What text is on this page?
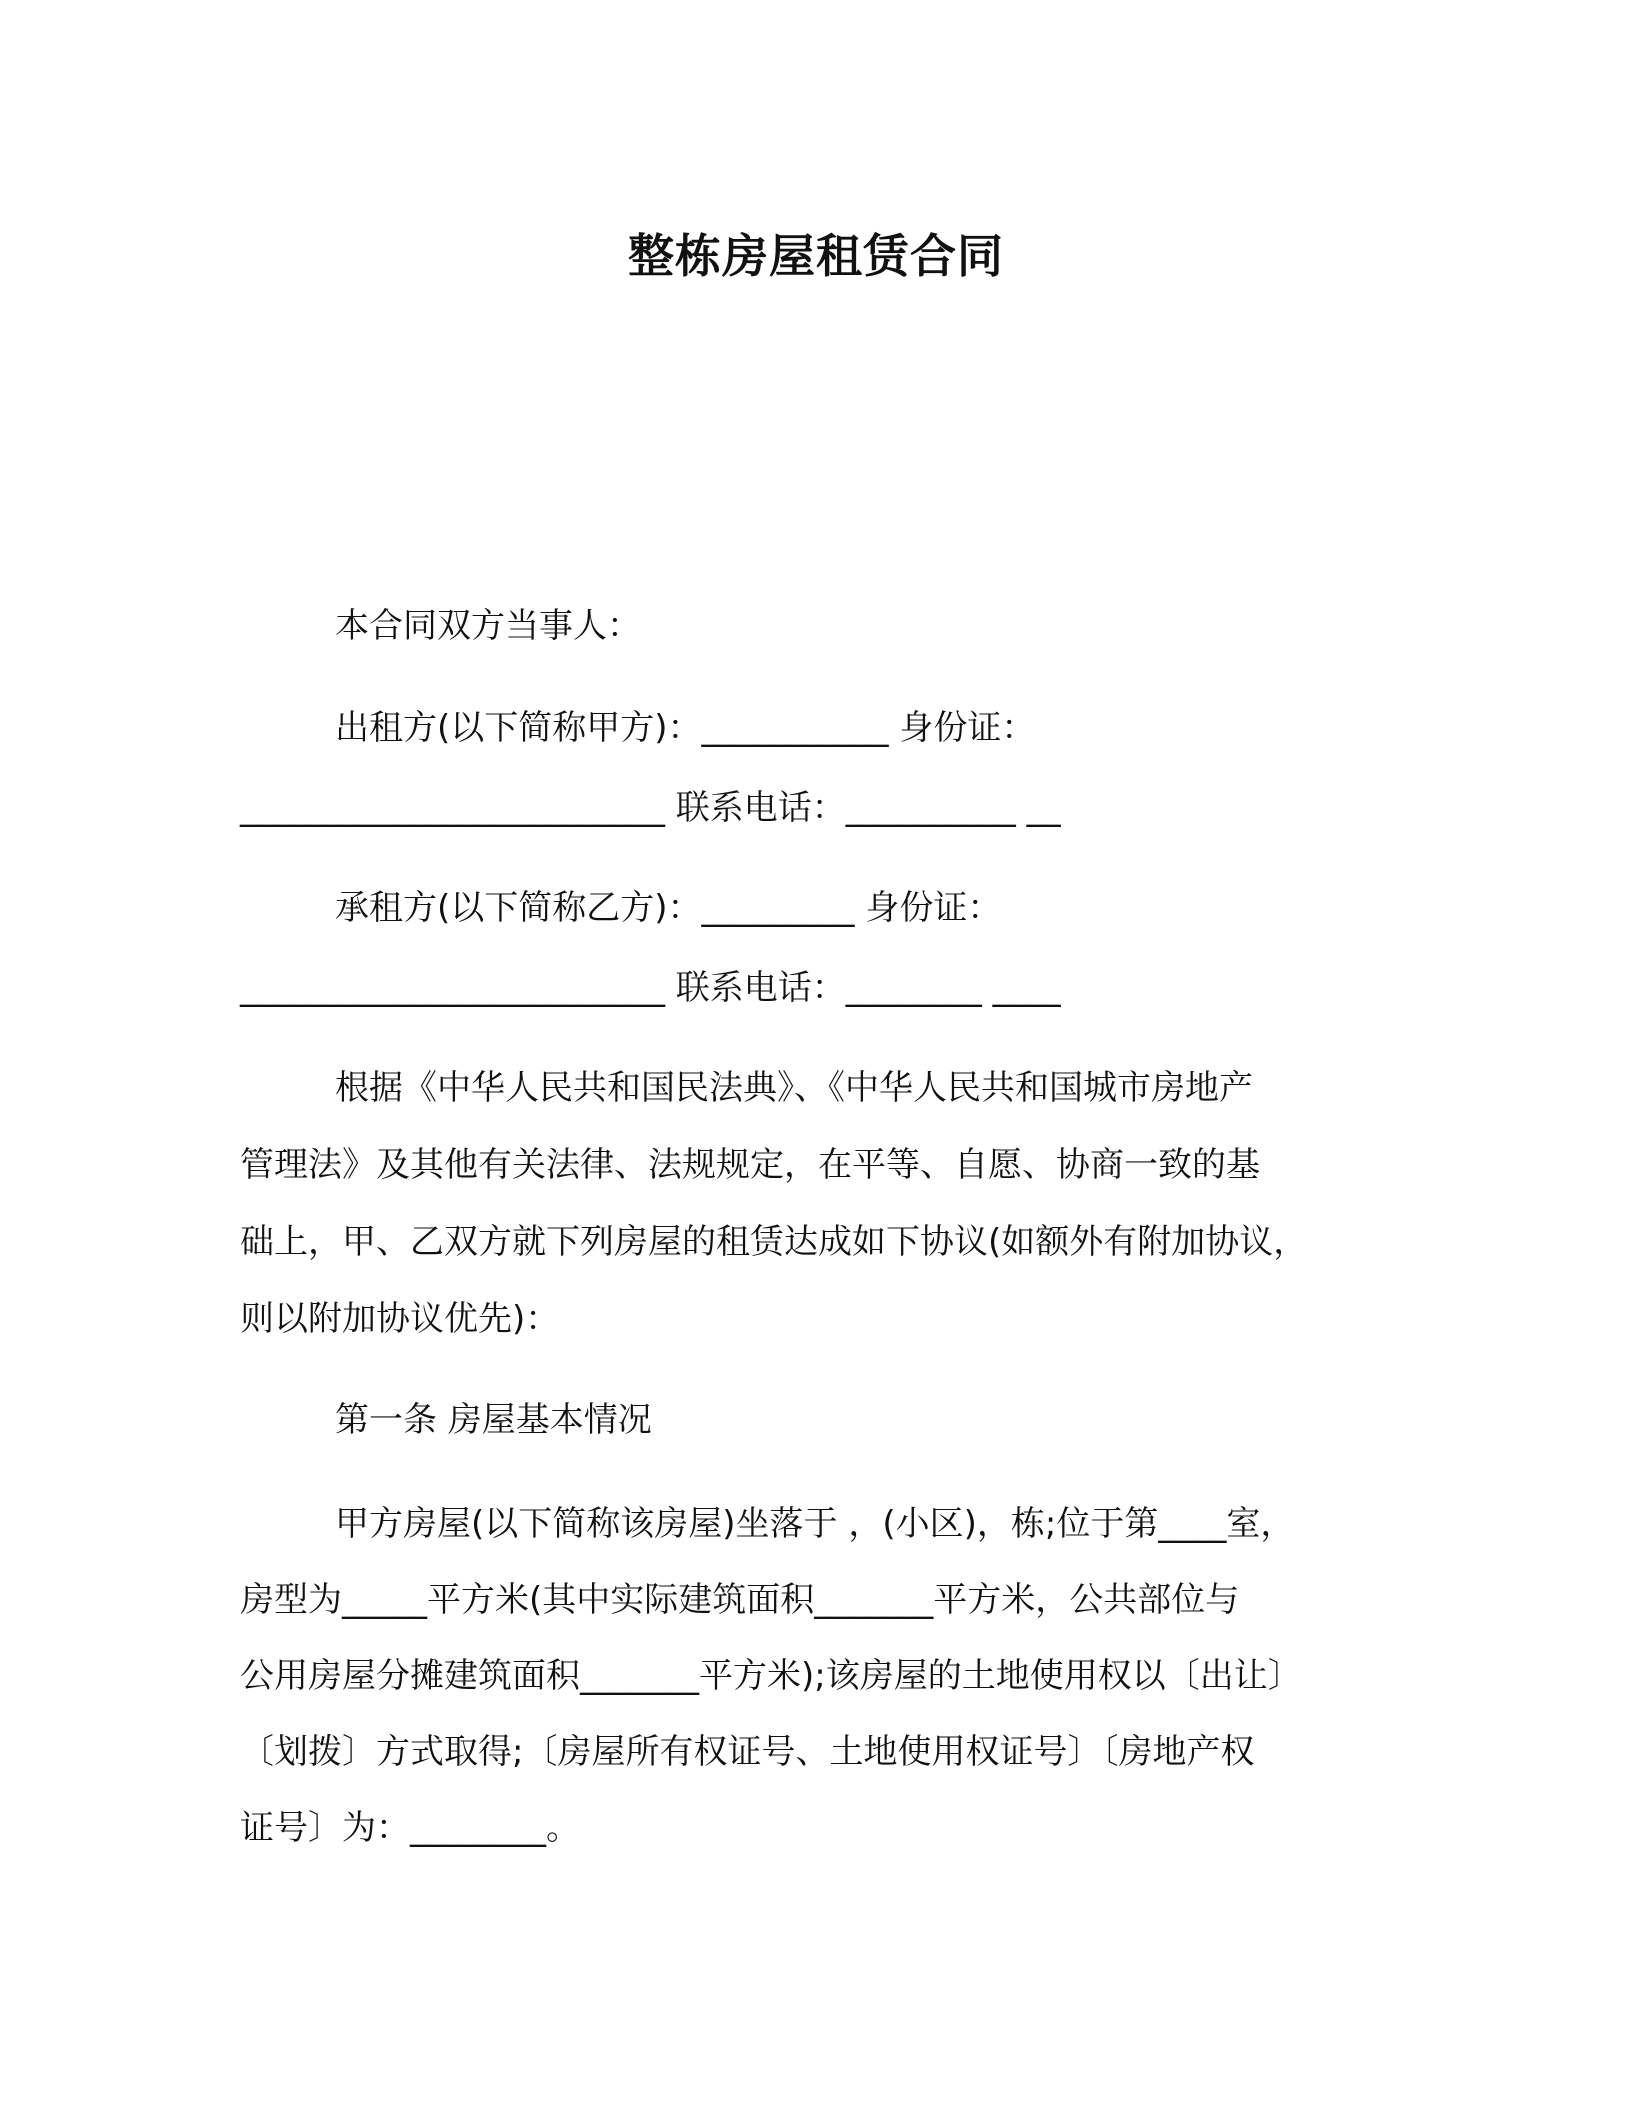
整栋房屋租赁合同
本合同双方当事人：
出租方(以下简称甲方)：___________ 身份证：
_________________________ 联系电话：__________ __
承租方(以下简称乙方)：_________ 身份证：
_________________________ 联系电话：________ ____
根据《中华人民共和国民法典》、《中华人民共和国城市房地产
管理法》及其他有关法律、法规规定，在平等、自愿、协商一致的基
础上，甲、乙双方就下列房屋的租赁达成如下协议(如额外有附加协议，
则以附加协议优先)：
第一条 房屋基本情况
甲方房屋(以下简称该房屋)坐落于 ，(小区)，栋;位于第____室，
房型为_____平方米(其中实际建筑面积_______平方米，公共部位与
公用房屋分摊建筑面积_______平方米);该房屋的土地使用权以〔出让〕
〔划拨〕方式取得;〔房屋所有权证号、土地使用权证号〕〔房地产权
证号〕为：________。
